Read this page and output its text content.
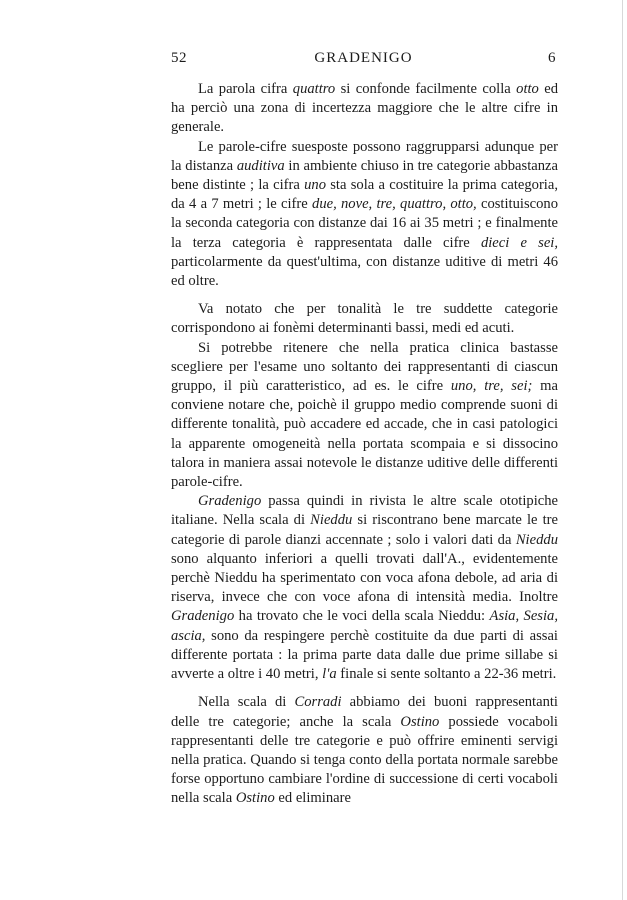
52	GRADENIGO	6

La parola cifra quattro si confonde facilmente colla otto ed ha perciò una zona di incertezza maggiore che le altre cifre in generale.

Le parole-cifre suesposte possono raggrupparsi adunque per la distanza auditiva in ambiente chiuso in tre categorie abbastanza bene distinte ; la cifra uno sta sola a costituire la prima categoria, da 4 a 7 metri ; le cifre due, nove, tre, quattro, otto, costituiscono la seconda categoria con distanze dai 16 ai 35 metri ; e finalmente la terza categoria è rappresentata dalle cifre dieci e sei, particolarmente da quest'ultima, con distanze uditive di metri 46 ed oltre.

Va notato che per tonalità le tre suddette categorie corrispondono ai fonèmi determinanti bassi, medi ed acuti.

Si potrebbe ritenere che nella pratica clinica bastasse scegliere per l'esame uno soltanto dei rappresentanti di ciascun gruppo, il più caratteristico, ad es. le cifre uno, tre, sei; ma conviene notare che, poichè il gruppo medio comprende suoni di differente tonalità, può accadere ed accade, che in casi patologici la apparente omogeneità nella portata scompaia e si dissocino talora in maniera assai notevole le distanze uditive delle differenti parole-cifre.

Gradenigo passa quindi in rivista le altre scale ototipiche italiane. Nella scala di Nieddu si riscontrano bene marcate le tre categorie di parole dianzi accennate ; solo i valori dati da Nieddu sono alquanto inferiori a quelli trovati dall'A., evidentemente perchè Nieddu ha sperimentato con voca afona debole, ad aria di riserva, invece che con voce afona di intensità media. Inoltre Gradenigo ha trovato che le voci della scala Nieddu: Asia, Sesia, ascia, sono da respingere perchè costituite da due parti di assai differente portata : la prima parte data dalle due prime sillabe si avverte a oltre i 40 metri, l'a finale si sente soltanto a 22-36 metri.

Nella scala di Corradi abbiamo dei buoni rappresentanti delle tre categorie; anche la scala Ostino possiede vocaboli rappresentanti delle tre categorie e può offrire eminenti servigi nella pratica. Quando si tenga conto della portata normale sarebbe forse opportuno cambiare l'ordine di successione di certi vocaboli nella scala Ostino ed eliminare
